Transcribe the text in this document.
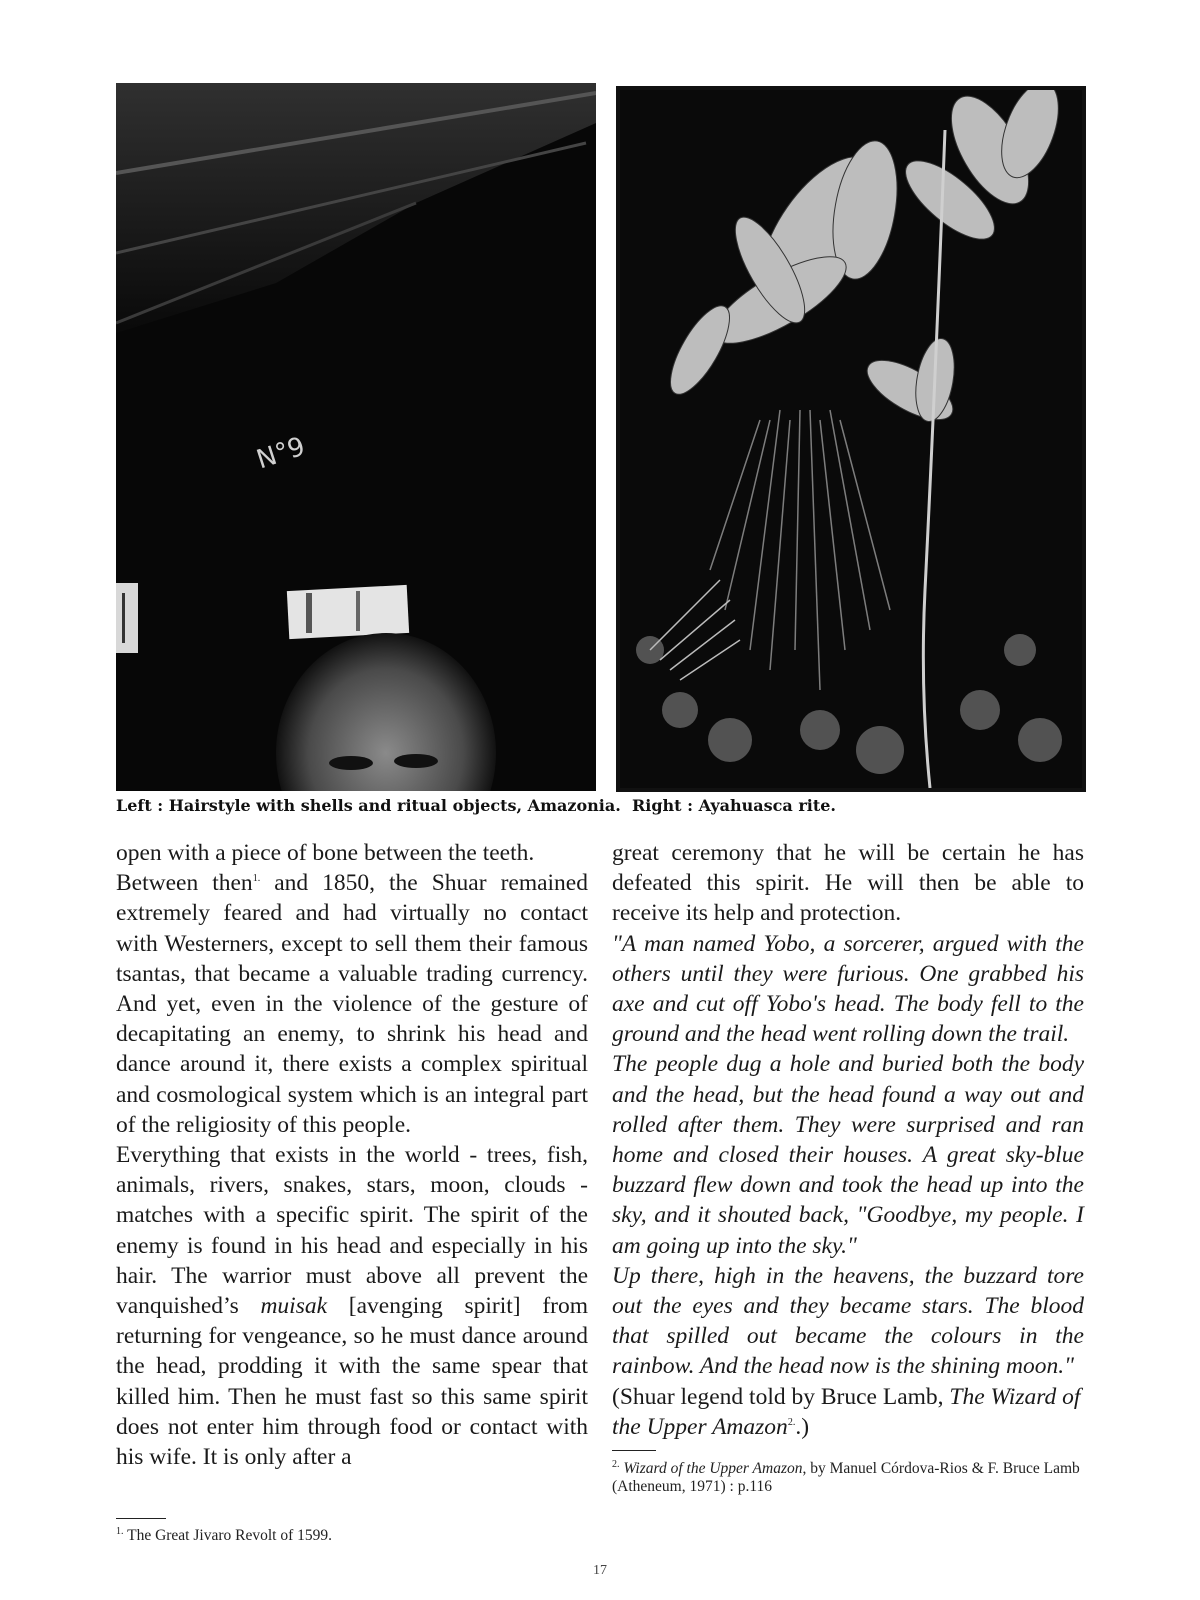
N°9
Left : Hairstyle with shells and ritual objects, Amazonia. Right : Ayahuasca rite.

open with a piece of bone between the teeth.

Between then$^{1.}$ and 1850, the Shuar remained extremely feared and had virtually no contact with Westerners, except to sell them their famous tsantas, that became a valuable trading currency. And yet, even in the violence of the gesture of decapitating an enemy, to shrink his head and dance around it, there exists a complex spiritual and cosmological system which is an integral part of the religiosity of this people.

Everything that exists in the world - trees, fish, animals, rivers, snakes, stars, moon, clouds - matches with a specific spirit. The spirit of the enemy is found in his head and especially in his hair. The warrior must above all prevent the vanquished’s muisak [avenging spirit] from returning for vengeance, so he must dance around the head, prodding it with the same spear that killed him. Then he must fast so this same spirit does not enter him through food or contact with his wife. It is only after a

great ceremony that he will be certain he has defeated this spirit. He will then be able to receive its help and protection.

"A man named Yobo, a sorcerer, argued with the others until they were furious. One grabbed his axe and cut off Yobo's head. The body fell to the ground and the head went rolling down the trail.

The people dug a hole and buried both the body and the head, but the head found a way out and rolled after them. They were surprised and ran home and closed their houses. A great sky-blue buzzard flew down and took the head up into the sky, and it shouted back, "Goodbye, my people. I am going up into the sky."

Up there, high in the heavens, the buzzard tore out the eyes and they became stars. The blood that spilled out became the colours in the rainbow. And the head now is the shining moon."

(Shuar legend told by Bruce Lamb, The Wizard of the Upper Amazon$^{2.}$.)

$^{2.}$ Wizard of the Upper Amazon, by Manuel Córdova-Rios & F. Bruce Lamb (Atheneum, 1971) : p.116
$^{1.}$ The Great Jivaro Revolt of 1599.
17
